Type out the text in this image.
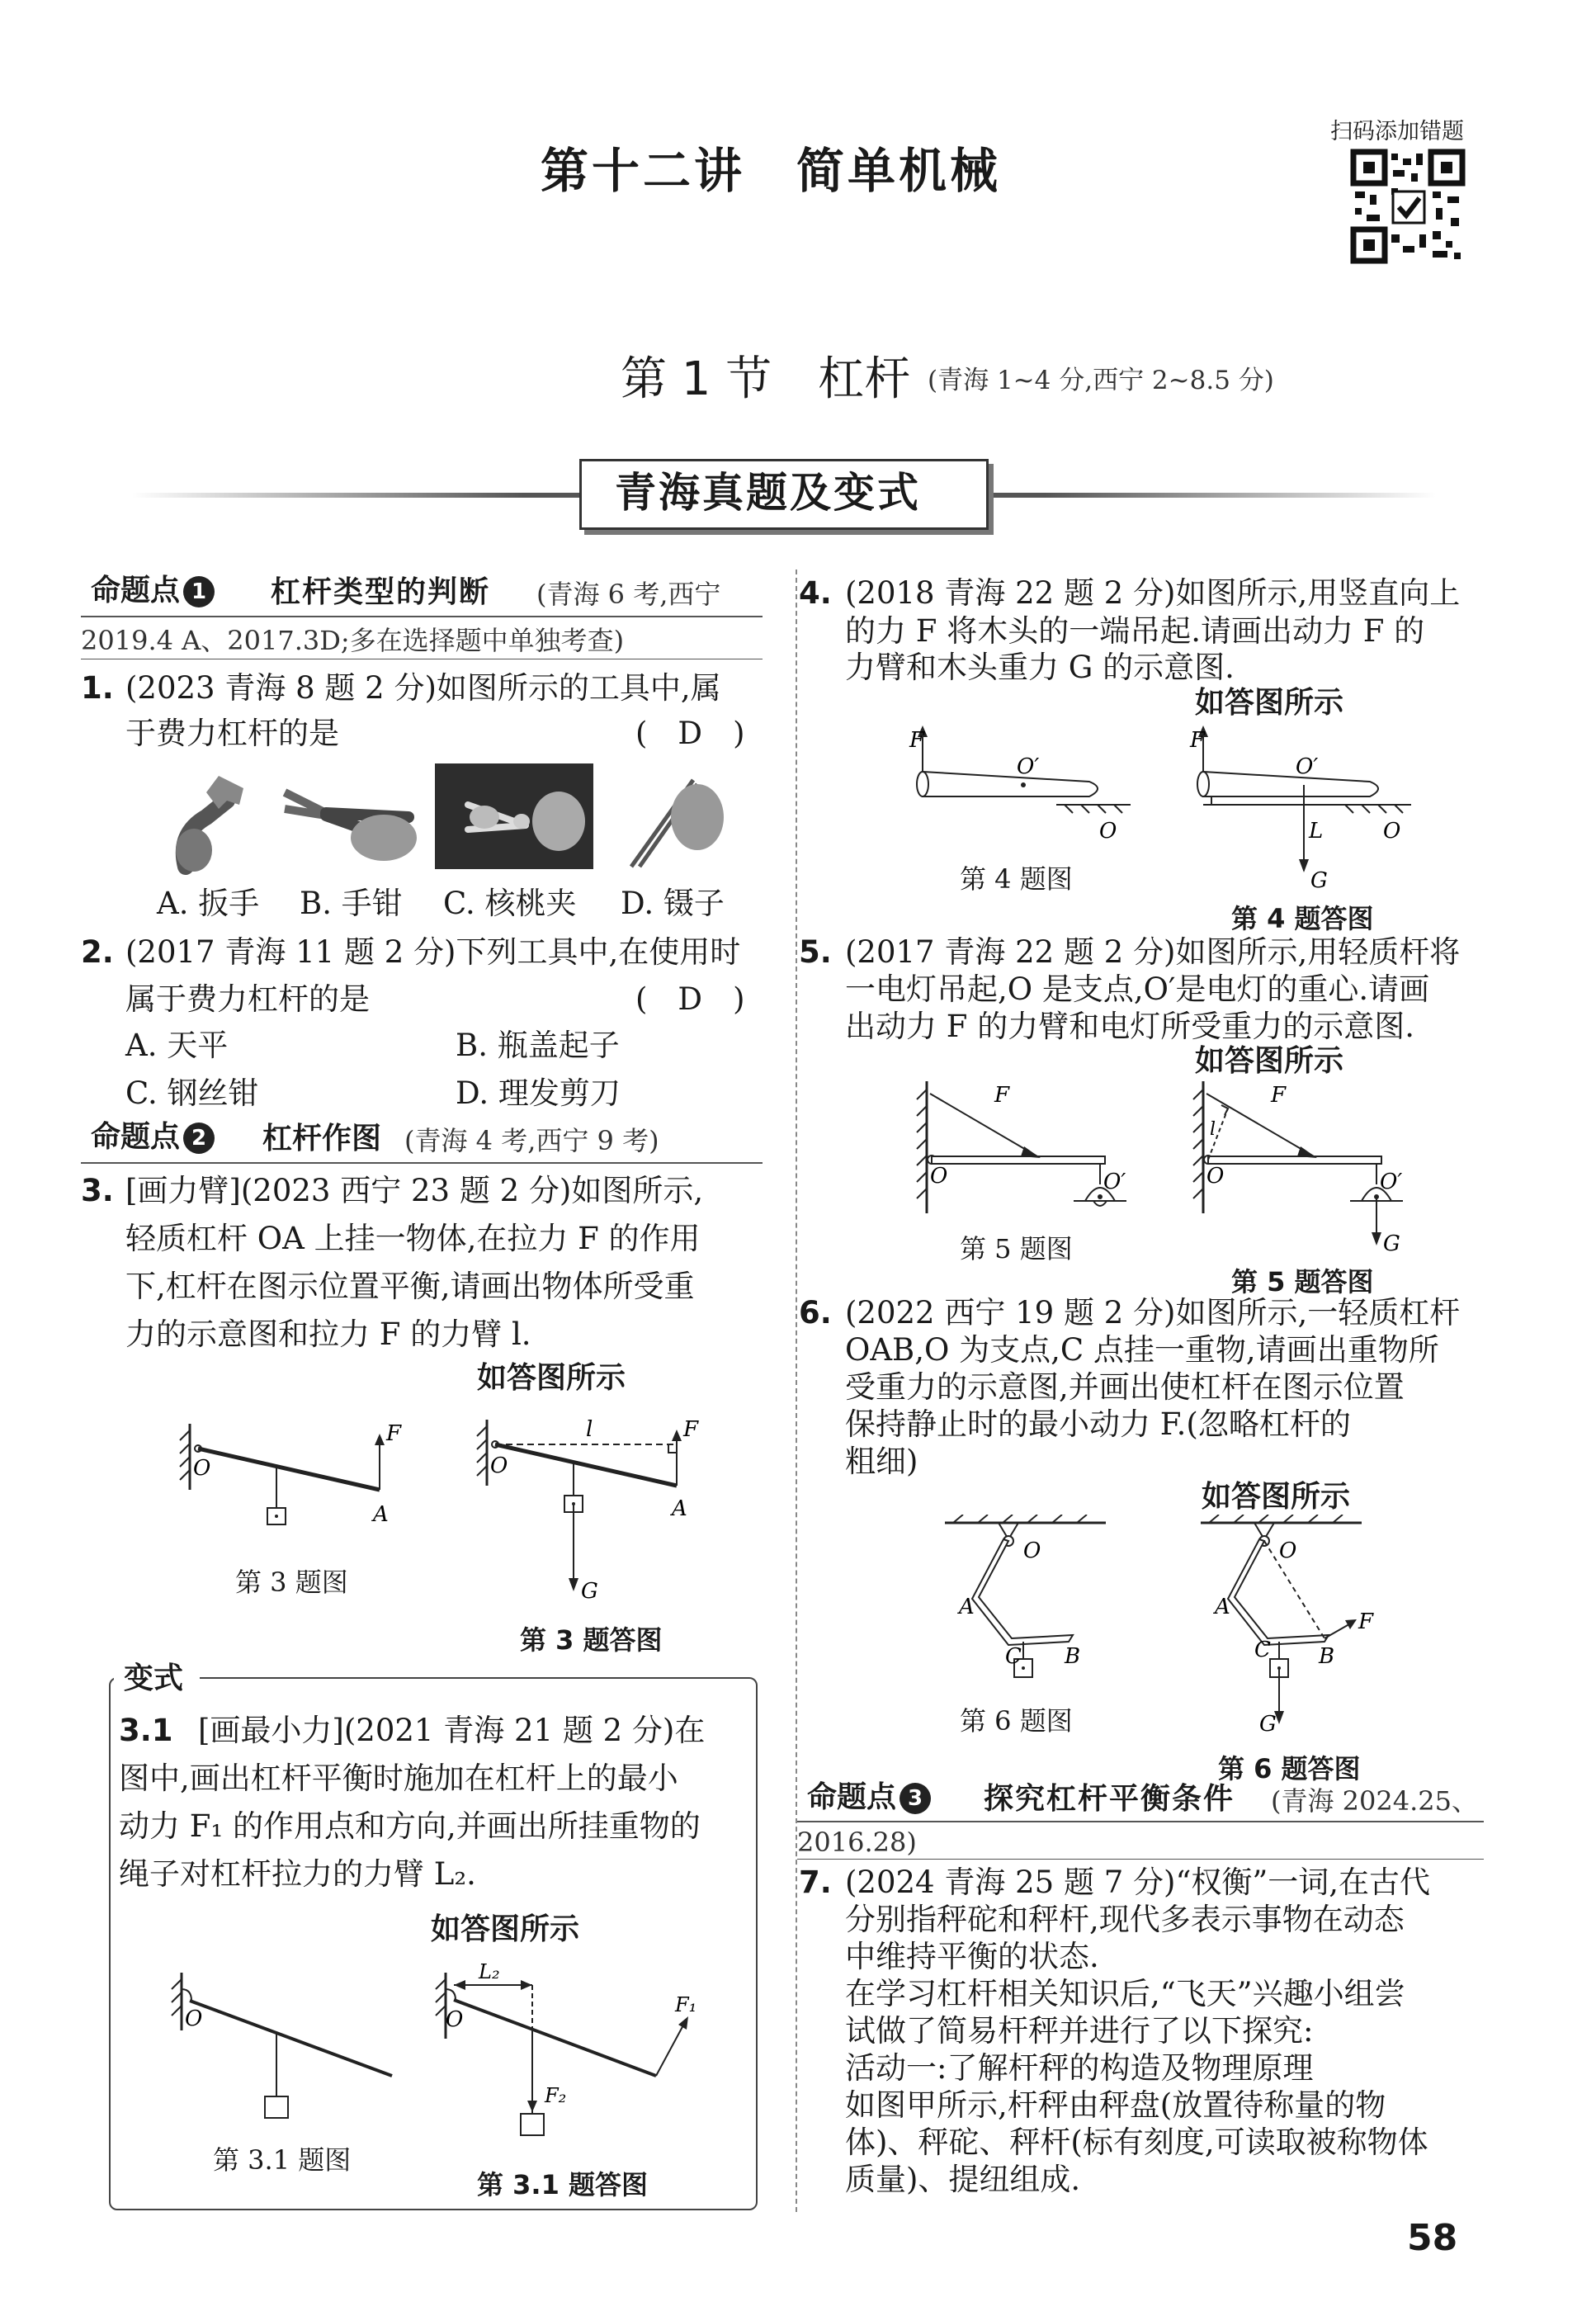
第十二讲　简单机械
扫码添加错题
第 1 节　杠杆 (青海 1~4 分,西宁 2~8.5 分)
青海真题及变式
命题点 1 杠杆类型的判断 (青海 6 考,西宁
2019.4 A、2017.3D;多在选择题中单独考查)
1. (2023 青海 8 题 2 分)如图所示的工具中,属
于费力杠杆的是	(　D　)
A. 扳手 B. 手钳 C. 核桃夹 D. 镊子
2. (2017 青海 11 题 2 分)下列工具中,在使用时
属于费力杠杆的是	(　D　)
A. 天平	B. 瓶盖起子
C. 钢丝钳	D. 理发剪刀
命题点 2 杠杆作图 (青海 4 考,西宁 9 考)
3. [画力臂](2023 西宁 23 题 2 分)如图所示,
轻质杠杆 OA 上挂一物体,在拉力 F 的作用
下,杠杆在图示位置平衡,请画出物体所受重
力的示意图和拉力 F 的力臂 l.
如答图所示
O
F
A
第 3 题图
l
O
F
A
G
第 3 题答图
变式
3.1 [画最小力](2021 青海 21 题 2 分)在
图中,画出杠杆平衡时施加在杠杆上的最小
动力 F₁ 的作用点和方向,并画出所挂重物的
绳子对杠杆拉力的力臂 L₂.
如答图所示
O
第 3.1 题图
L₂
O
F₂
F₁
第 3.1 题答图
4. (2018 青海 22 题 2 分)如图所示,用竖直向上
的力 F 将木头的一端吊起.请画出动力 F 的
力臂和木头重力 G 的示意图.
如答图所示
F
O′
O
第 4 题图
F
O′
L	O
G
第 4 题答图
5. (2017 青海 22 题 2 分)如图所示,用轻质杆将
一电灯吊起,O 是支点,O′是电灯的重心.请画
出动力 F 的力臂和电灯所受重力的示意图.
如答图所示
F
O	O′
第 5 题图
l
F
O	O′
G
第 5 题答图
6. (2022 西宁 19 题 2 分)如图所示,一轻质杠杆
OAB,O 为支点,C 点挂一重物,请画出重物所
受重力的示意图,并画出使杠杆在图示位置
保持静止时的最小动力 F.(忽略杠杆的
粗细)
如答图所示
O
A
C B
第 6 题图
O
A
C B
F
G
第 6 题答图
命题点 3 探究杠杆平衡条件 (青海 2024.25、
2016.28)
7. (2024 青海 25 题 7 分)“权衡”一词,在古代
分别指秤砣和秤杆,现代多表示事物在动态
中维持平衡的状态.
在学习杠杆相关知识后,“飞天”兴趣小组尝
试做了简易杆秤并进行了以下探究:
活动一:了解杆秤的构造及物理原理
如图甲所示,杆秤由秤盘(放置待称量的物
体)、秤砣、秤杆(标有刻度,可读取被称物体
质量)、提纽组成.
58
